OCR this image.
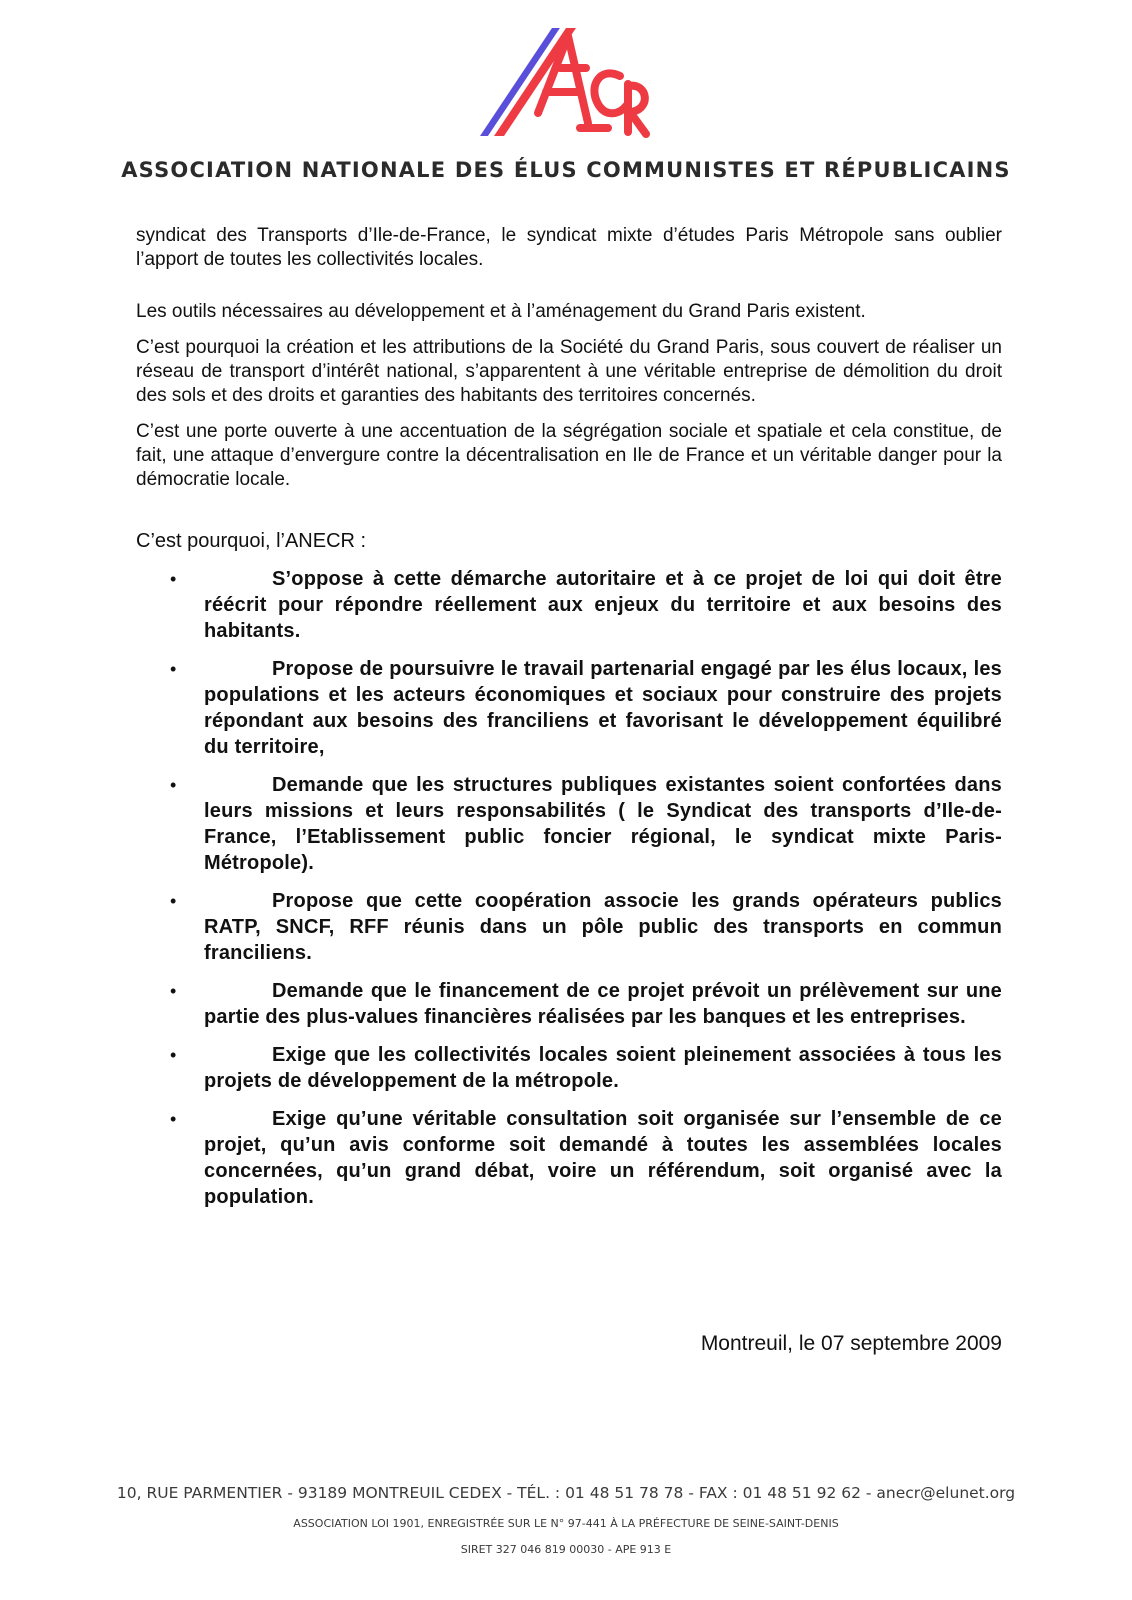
ASSOCIATION NATIONALE DES ÉLUS COMMUNISTES ET RÉPUBLICAINS

syndicat des Transports d’Ile-de-France, le syndicat mixte d’études Paris Métropole sans oublier l’apport de toutes les collectivités locales.

Les outils nécessaires au développement et à l’aménagement du Grand Paris existent.

C’est pourquoi la création et les attributions de la Société du Grand Paris, sous couvert de réaliser un réseau de transport d’intérêt national, s’apparentent à une véritable entreprise de démolition du droit des sols et des droits et garanties des habitants des territoires concernés.

C’est une porte ouverte à une accentuation de la ségrégation sociale et spatiale et cela constitue, de fait, une attaque d’envergure contre la décentralisation en Ile de France et un véritable danger pour la démocratie locale.

C’est pourquoi, l’ANECR :

•	S’oppose à cette démarche autoritaire et à ce projet de loi qui doit être réécrit pour répondre réellement aux enjeux du territoire et aux besoins des habitants.
•	Propose de poursuivre le travail partenarial engagé par les élus locaux, les populations et les acteurs économiques et sociaux pour construire des projets répondant aux besoins des franciliens et favorisant le développement équilibré du territoire,
•	Demande que les structures publiques existantes soient confortées dans leurs missions et leurs responsabilités ( le Syndicat des transports d’Ile-de-France, l’Etablissement public foncier régional, le syndicat mixte Paris-Métropole).
•	Propose que cette coopération associe les grands opérateurs publics RATP, SNCF, RFF réunis dans un pôle public des transports en commun franciliens.
•	Demande que le financement de ce projet prévoit un prélèvement sur une partie des plus-values financières réalisées par les banques et les entreprises.
•	Exige que les collectivités locales soient pleinement associées à tous les projets de développement de la métropole.
•	Exige qu’une véritable consultation soit organisée sur l’ensemble de ce projet, qu’un avis conforme soit demandé à toutes les assemblées locales concernées, qu’un grand débat, voire un référendum, soit organisé avec la population.
Montreuil, le 07 septembre 2009
10, RUE PARMENTIER - 93189 MONTREUIL CEDEX - TÉL. : 01 48 51 78 78 - FAX : 01 48 51 92 62 - anecr@elunet.org
ASSOCIATION LOI 1901, ENREGISTRÉE SUR LE N° 97-441 À LA PRÉFECTURE DE SEINE-SAINT-DENIS
SIRET 327 046 819 00030 - APE 913 E
